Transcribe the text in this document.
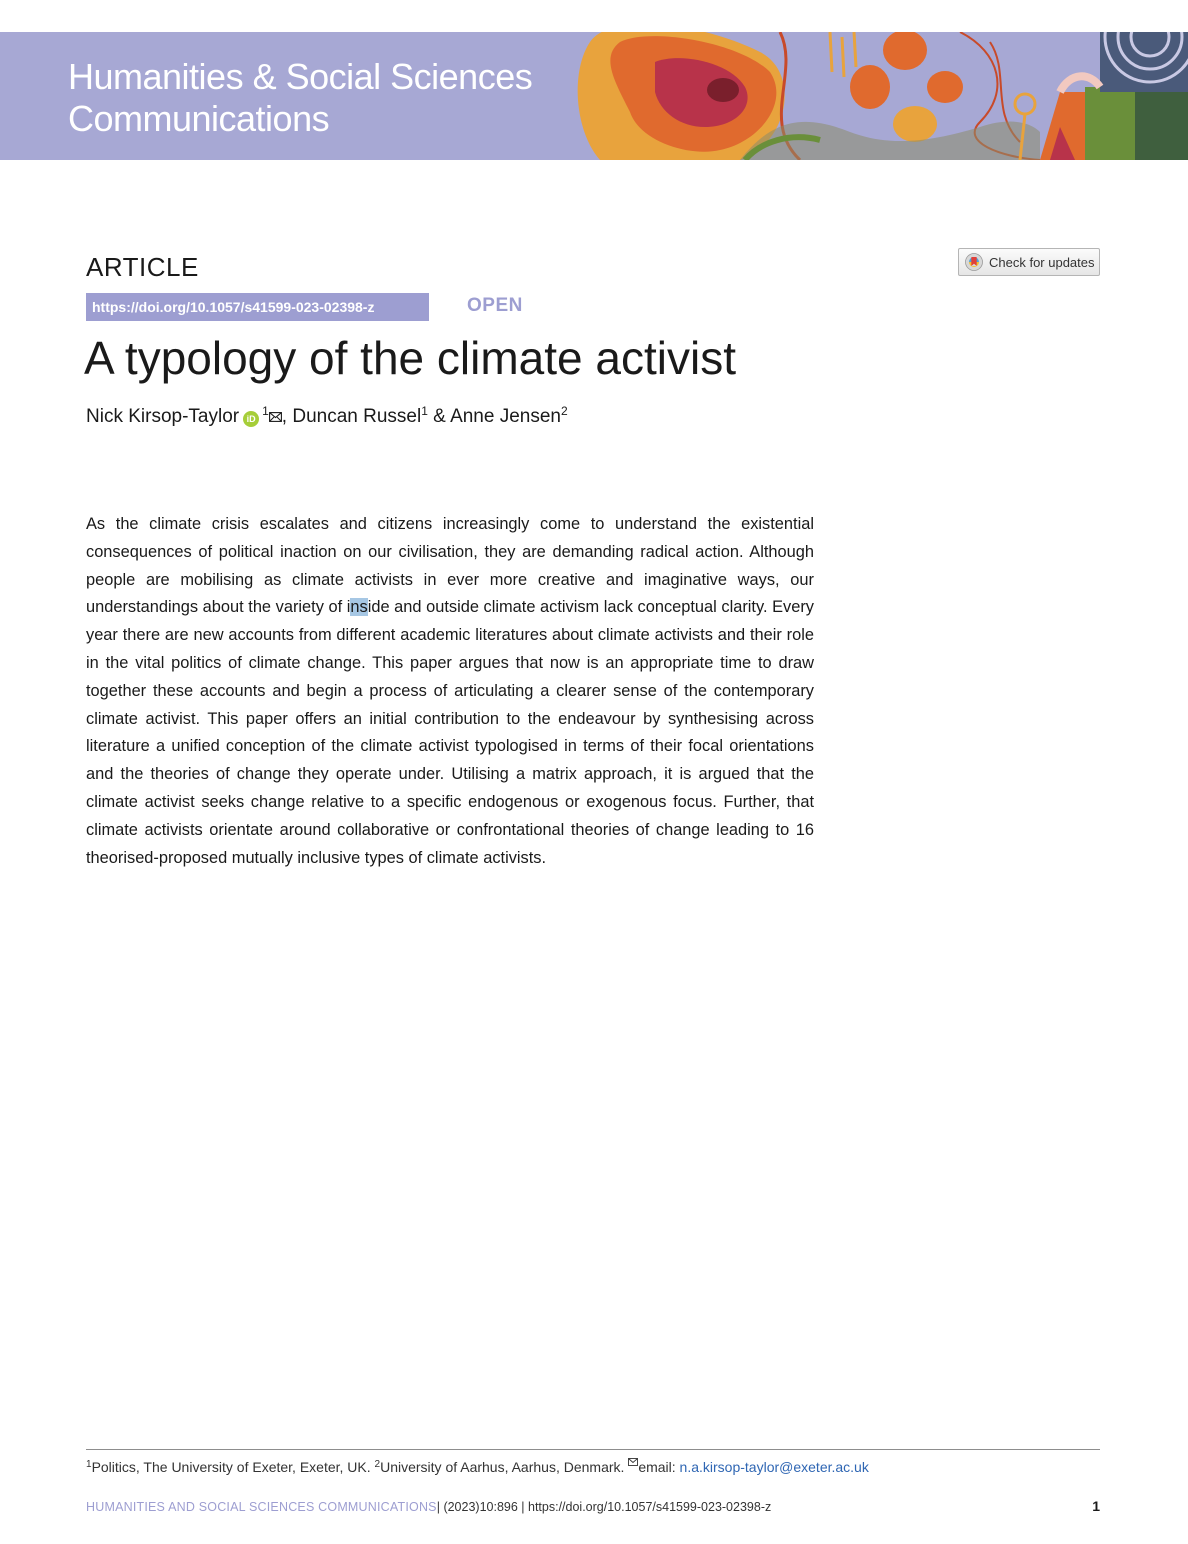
Humanities & Social Sciences
Communications
ARTICLE	Check for updates
https://doi.org/10.1057/s41599-023-02398-z	OPEN
A typology of the climate activist
Nick Kirsop-Taylor $iD^1$ , Duncan Russel$^1$ & Anne Jensen$^2$

As the climate crisis escalates and citizens increasingly come to understand the existential consequences of political inaction on our civilisation, they are demanding radical action. Although people are mobilising as climate activists in ever more creative and imaginative ways, our understandings about the variety of inside and outside climate activism lack conceptual clarity. Every year there are new accounts from different academic literatures about climate activists and their role in the vital politics of climate change. This paper argues that now is an appropriate time to draw together these accounts and begin a process of articulating a clearer sense of the contemporary climate activist. This paper offers an initial contribution to the endeavour by synthesising across literature a unified conception of the climate activist typologised in terms of their focal orientations and the theories of change they operate under. Utilising a matrix approach, it is argued that the climate activist seeks change relative to a specific endogenous or exogenous focus. Further, that climate activists orientate around collaborative or confrontational theories of change leading to 16 theorised-proposed mutually inclusive types of climate activists.

$^1$Politics, The University of Exeter, Exeter, UK. $^2$University of Aarhus, Aarhus, Denmark. email: n.a.kirsop-taylor@exeter.ac.uk
HUMANITIES AND SOCIAL SCIENCES COMMUNICATIONS| (2023)10:896 | https://doi.org/10.1057/s41599-023-02398-z	1
